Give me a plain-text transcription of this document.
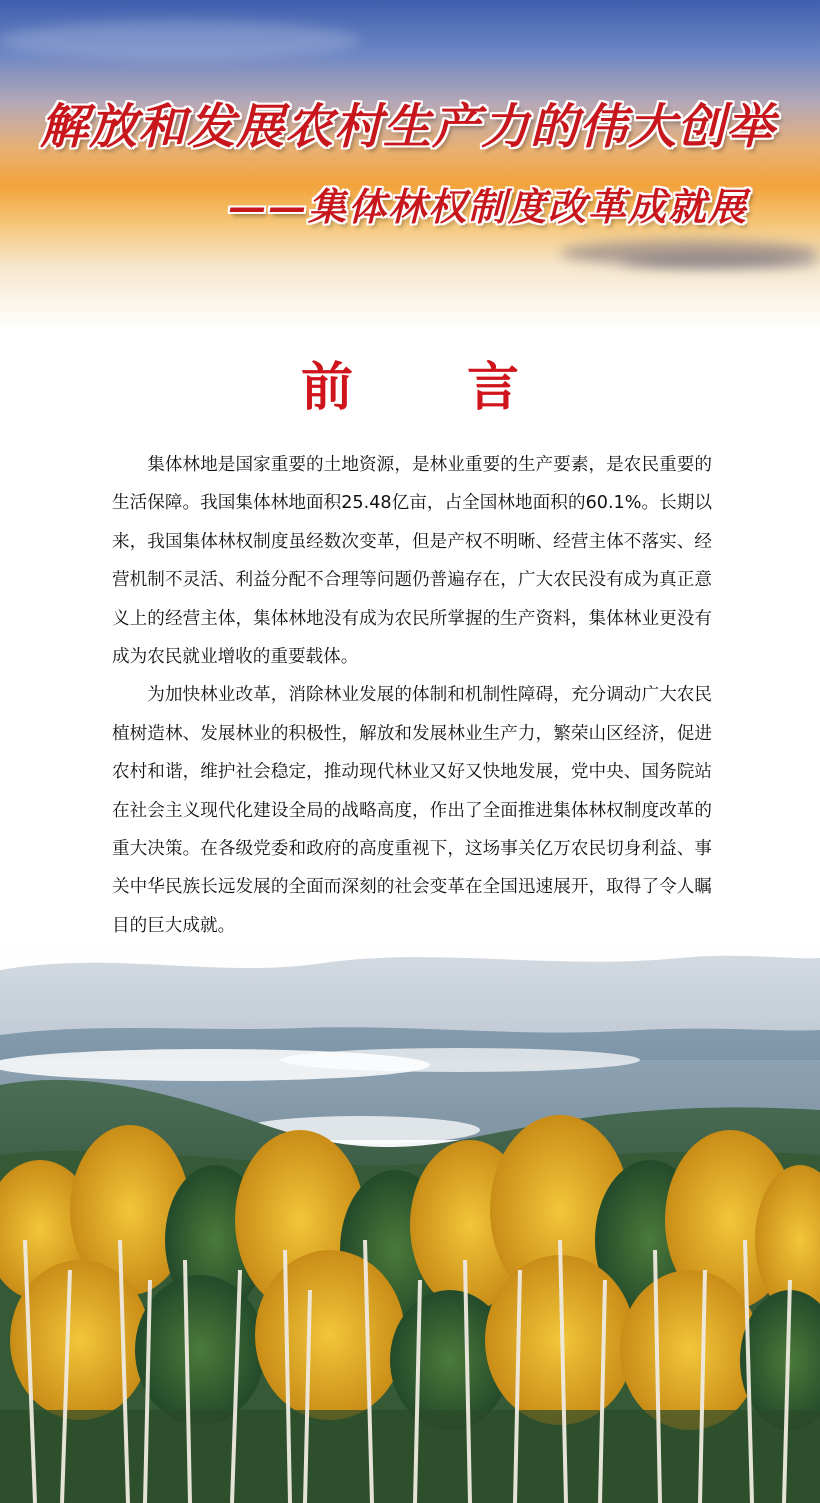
解放和发展农村生产力的伟大创举
——集体林权制度改革成就展
前 言

集体林地是国家重要的土地资源，是林业重要的生产要素，是农民重要的生活保障。我国集体林地面积25.48亿亩，占全国林地面积的60.1%。长期以来，我国集体林权制度虽经数次变革，但是产权不明晰、经营主体不落实、经营机制不灵活、利益分配不合理等问题仍普遍存在，广大农民没有成为真正意义上的经营主体，集体林地没有成为农民所掌握的生产资料，集体林业更没有成为农民就业增收的重要载体。

为加快林业改革，消除林业发展的体制和机制性障碍，充分调动广大农民植树造林、发展林业的积极性，解放和发展林业生产力，繁荣山区经济，促进农村和谐，维护社会稳定，推动现代林业又好又快地发展，党中央、国务院站在社会主义现代化建设全局的战略高度，作出了全面推进集体林权制度改革的重大决策。在各级党委和政府的高度重视下，这场事关亿万农民切身利益、事关中华民族长远发展的全面而深刻的社会变革在全国迅速展开，取得了令人瞩目的巨大成就。
